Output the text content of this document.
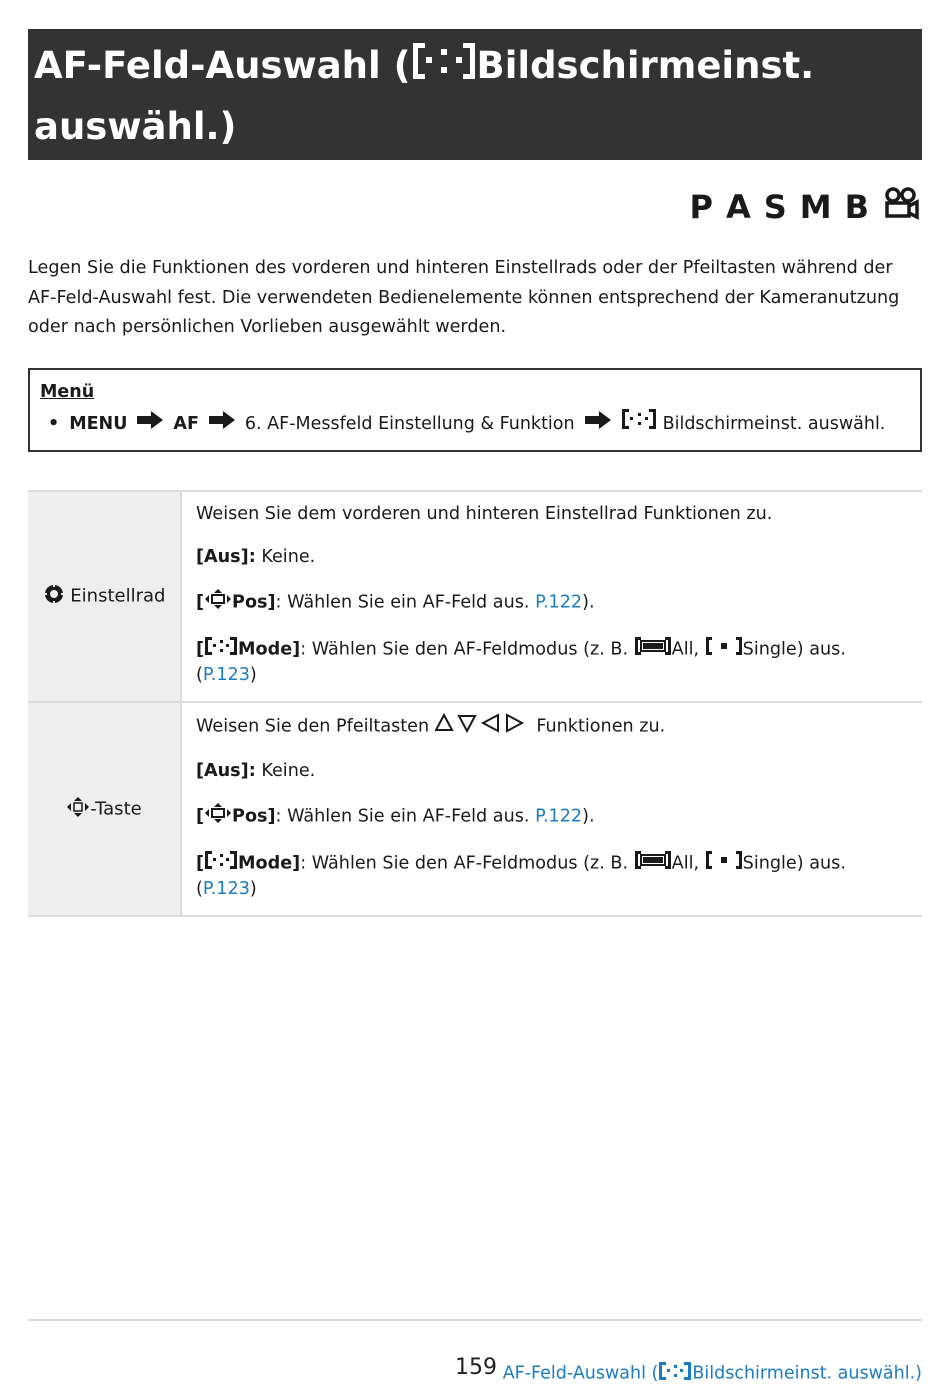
AF-Feld-Auswahl ( Bildschirmeinst.
auswähl.)
P A S M B

Legen Sie die Funktionen des vorderen und hinteren Einstellrads oder der Pfeiltasten während der AF-Feld-Auswahl fest. Die verwendeten Bedienelemente können entsprechend der Kameranutzung oder nach persönlichen Vorlieben ausgewählt werden.

Menü
• MENU	AF	6. AF-Messfeld Einstellung & Funktion	Bildschirmeinst. auswähl.
Einstellrad	Weisen Sie dem vorderen und hinteren Einstellrad Funktionen zu.

[Aus]: Keine.

[ Pos]: Wählen Sie ein AF-Feld aus. P.122).

[ Mode]: Wählen Sie den AF-Feldmodus (z. B. All, Single) aus. (P.123)

-Taste	Weisen Sie den Pfeiltasten Funktionen zu.

[Aus]: Keine.

[ Pos]: Wählen Sie ein AF-Feld aus. P.122).

[ Mode]: Wählen Sie den AF-Feldmodus (z. B. All, Single) aus. (P.123)

159 AF-Feld-Auswahl ( Bildschirmeinst. auswähl.)
